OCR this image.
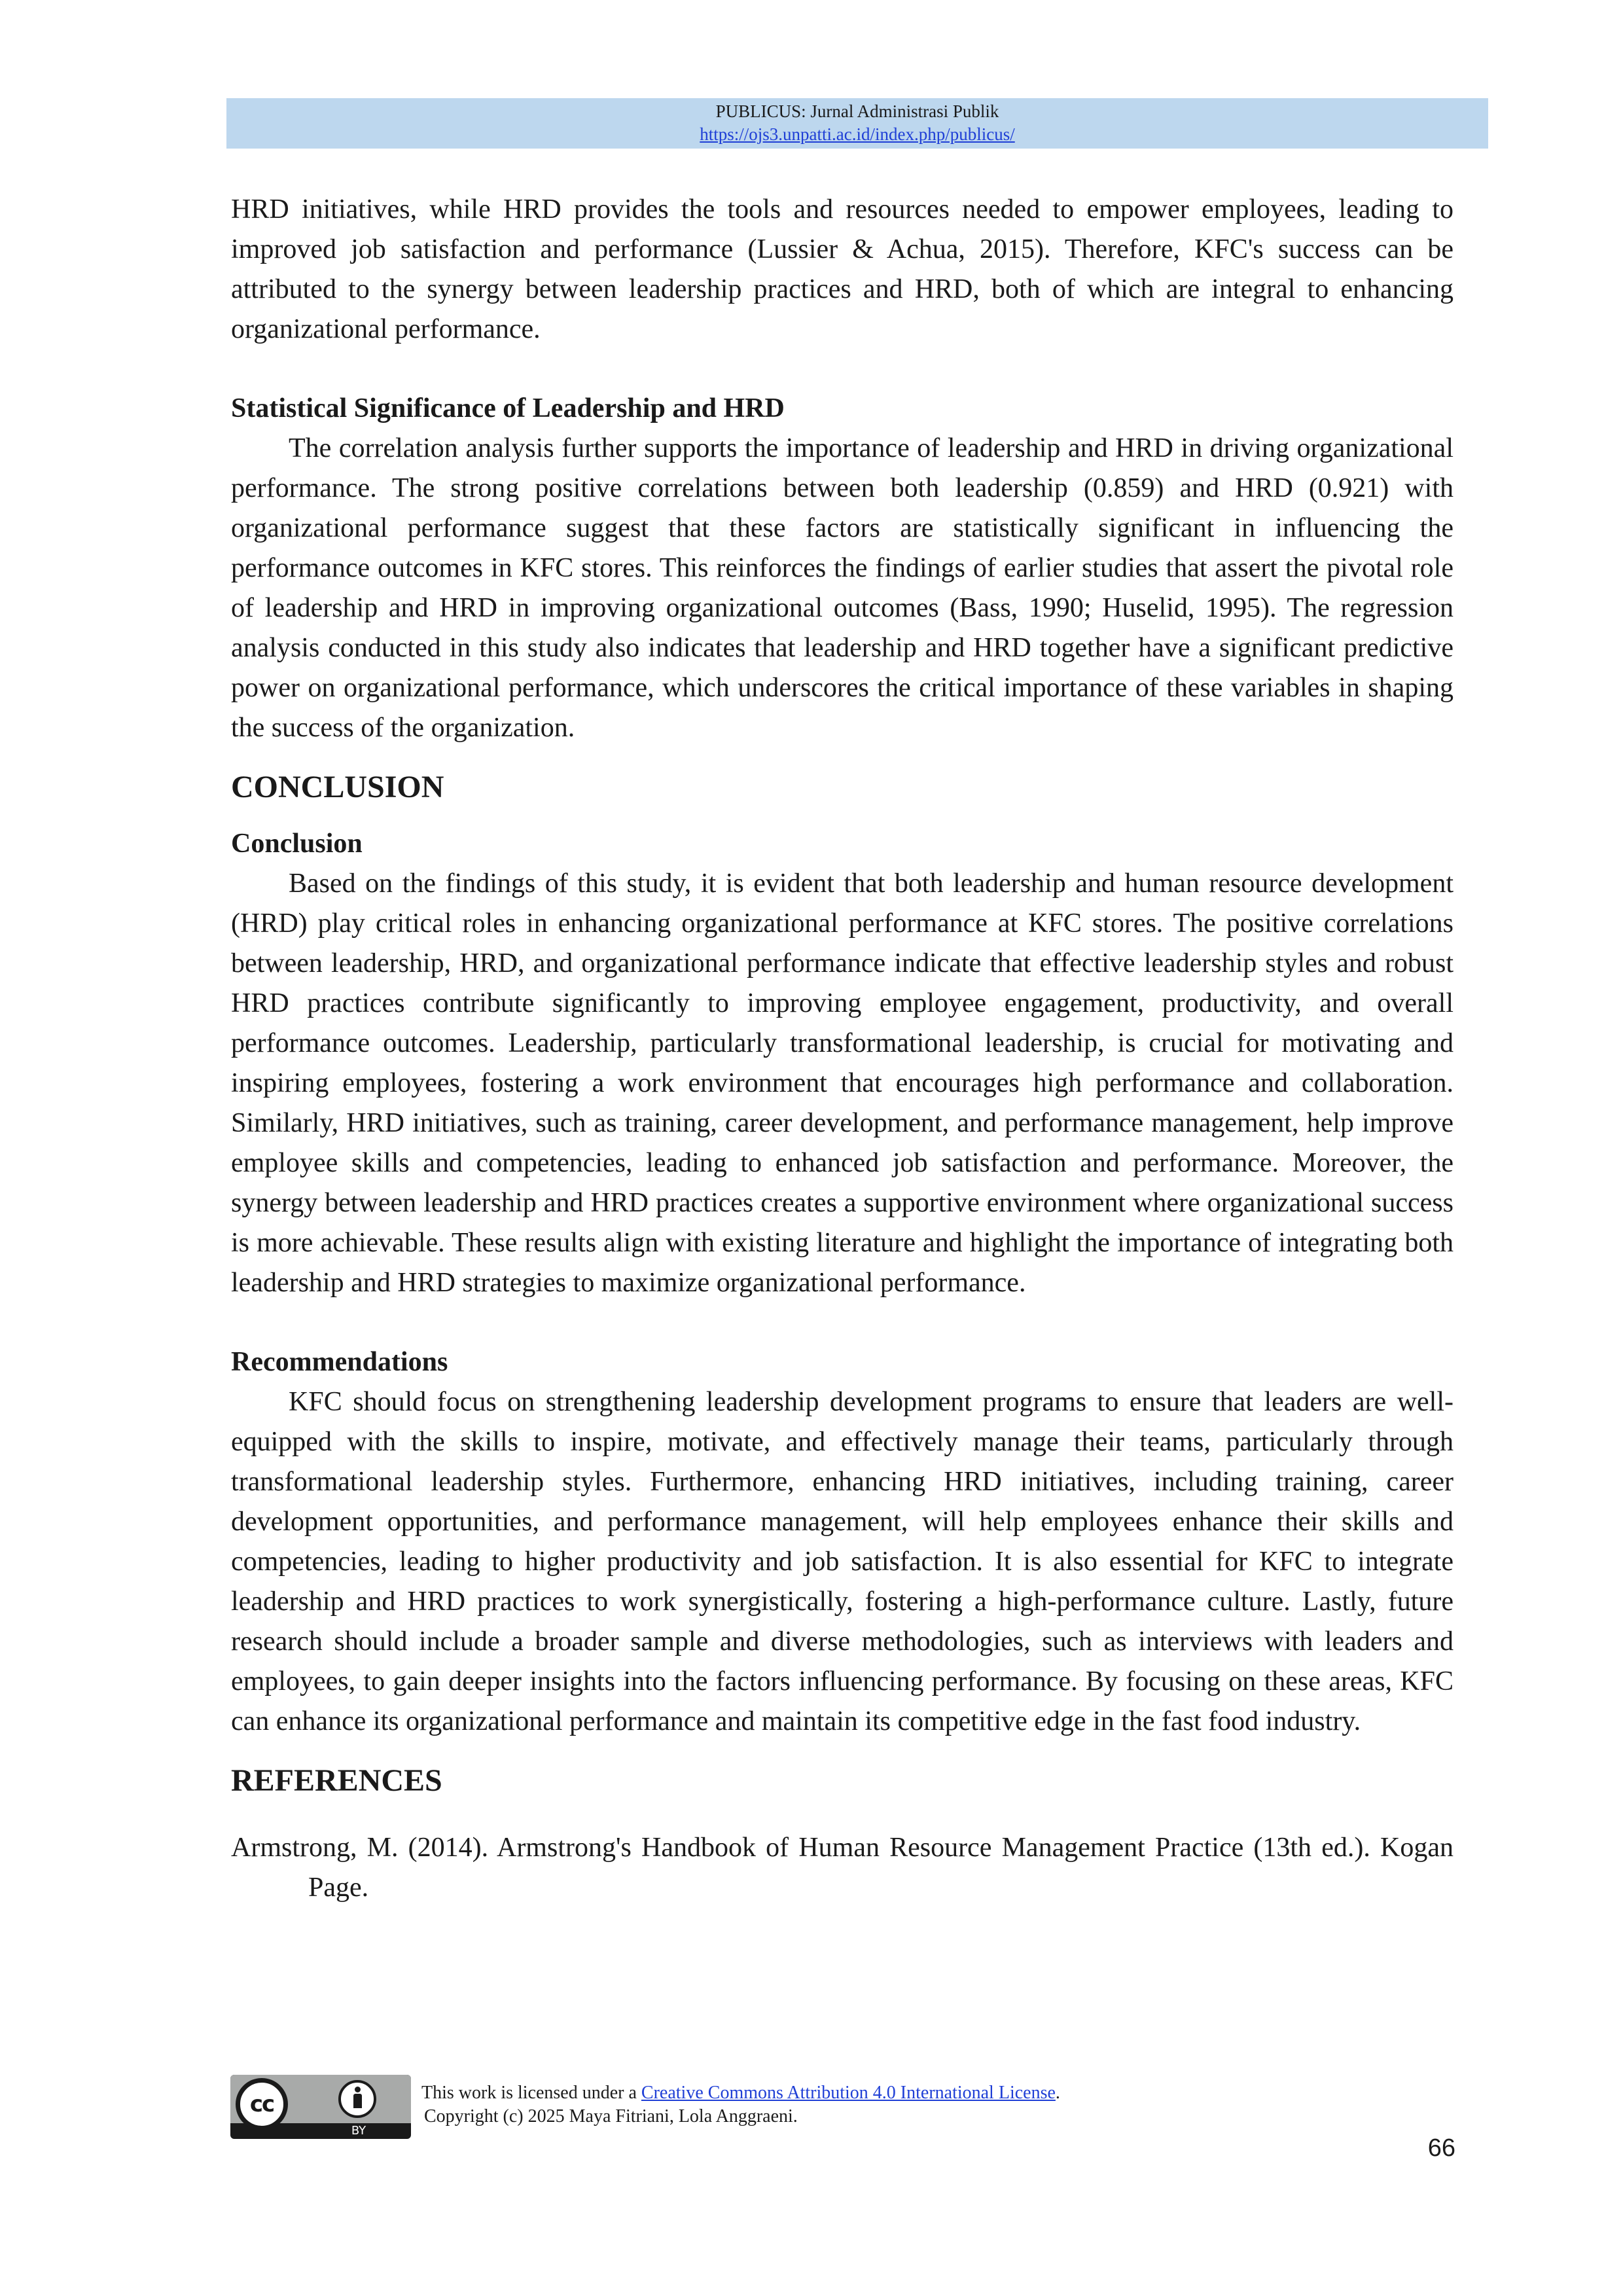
PUBLICUS: Jurnal Administrasi Publik
https://ojs3.unpatti.ac.id/index.php/publicus/

HRD initiatives, while HRD provides the tools and resources needed to empower employees, leading to improved job satisfaction and performance (Lussier & Achua, 2015). Therefore, KFC's success can be attributed to the synergy between leadership practices and HRD, both of which are integral to enhancing organizational performance.

Statistical Significance of Leadership and HRD

The correlation analysis further supports the importance of leadership and HRD in driving organizational performance. The strong positive correlations between both leadership (0.859) and HRD (0.921) with organizational performance suggest that these factors are statistically significant in influencing the performance outcomes in KFC stores. This reinforces the findings of earlier studies that assert the pivotal role of leadership and HRD in improving organizational outcomes (Bass, 1990; Huselid, 1995). The regression analysis conducted in this study also indicates that leadership and HRD together have a significant predictive power on organizational performance, which underscores the critical importance of these variables in shaping the success of the organization.

CONCLUSION

Conclusion

Based on the findings of this study, it is evident that both leadership and human resource development (HRD) play critical roles in enhancing organizational performance at KFC stores. The positive correlations between leadership, HRD, and organizational performance indicate that effective leadership styles and robust HRD practices contribute significantly to improving employee engagement, productivity, and overall performance outcomes. Leadership, particularly transformational leadership, is crucial for motivating and inspiring employees, fostering a work environment that encourages high performance and collaboration. Similarly, HRD initiatives, such as training, career development, and performance management, help improve employee skills and competencies, leading to enhanced job satisfaction and performance. Moreover, the synergy between leadership and HRD practices creates a supportive environment where organizational success is more achievable. These results align with existing literature and highlight the importance of integrating both leadership and HRD strategies to maximize organizational performance.

Recommendations

KFC should focus on strengthening leadership development programs to ensure that leaders are well-equipped with the skills to inspire, motivate, and effectively manage their teams, particularly through transformational leadership styles. Furthermore, enhancing HRD initiatives, including training, career development opportunities, and performance management, will help employees enhance their skills and competencies, leading to higher productivity and job satisfaction. It is also essential for KFC to integrate leadership and HRD practices to work synergistically, fostering a high-performance culture. Lastly, future research should include a broader sample and diverse methodologies, such as interviews with leaders and employees, to gain deeper insights into the factors influencing performance. By focusing on these areas, KFC can enhance its organizational performance and maintain its competitive edge in the fast food industry.

REFERENCES

Armstrong, M. (2014). Armstrong's Handbook of Human Resource Management Practice (13th ed.). Kogan Page.

cc
BY
This work is licensed under a Creative Commons Attribution 4.0 International License.
Copyright (c) 2025 Maya Fitriani, Lola Anggraeni.
66
